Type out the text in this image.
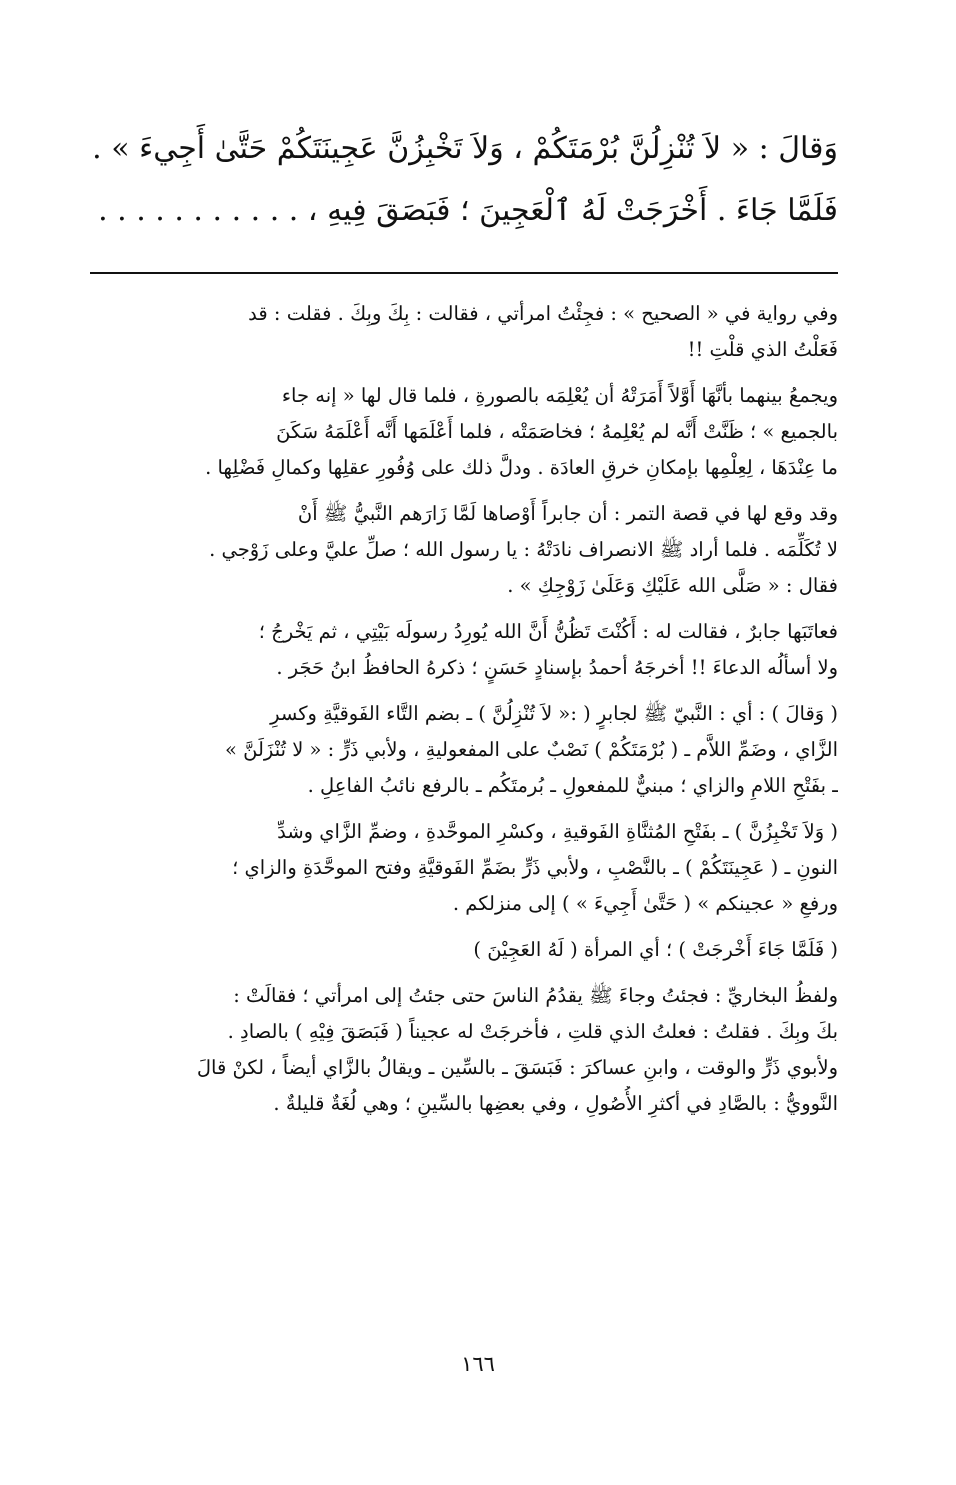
وَقالَ : « لاَ تُنْزِلُنَّ بُرْمَتَكُمْ ، وَلاَ تَخْبِزُنَّ عَجِينَتَكُمْ حَتَّىٰ أَجِيءَ » .
فَلَمَّا جَاءَ . أَخْرَجَتْ لَهُ ٱلْعَجِينَ ؛ فَبَصَقَ فِيهِ ، . . . . . . . . . . .
وفي رواية في « الصحيح » : فجِئْتُ امرأتي ، فقالت : بِكَ وبِكَ . فقلت : قد
فَعَلْتُ الذي قلْتِ !!
ويجمعُ بينهما بأنَّهَا أَوَّلاً أَمَرَتْهُ أن يُعْلِمَه بالصورةِ ، فلما قال لها « إنه جاء
بالجميع » ؛ ظَنَّتْ أَنَّه لم يُعْلِمهُ ؛ فخاصَمَتْه ، فلما أَعْلَمَها أَنَّه أَعْلَمَهُ سَكَنَ
ما عِنْدَهَا ، لِعِلْمِها بإمكانِ خرقِ العادَة . ودلَّ ذلك على وُفُورِ عقلِها وكمالِ فَضْلِها .
وقد وقع لها في قصة التمر : أن جابراً أَوْصاها لَمَّا زَارَهم النَّبيُّ ﷺ أَنْ
لا تُكَلِّمَه . فلما أراد ﷺ الانصراف نادَتْهُ : يا رسول الله ؛ صلِّ عليَّ وعلى زَوْجي .
فقال : « صَلَّى الله عَلَيْكِ وَعَلَىٰ زَوْجِكِ » .
فعاتَبَها جابرٌ ، فقالت له : أَكُنْتَ تَظُنُّ أَنَّ الله يُورِدُ رسولَه بَيْتِي ، ثم يَخْرجُ ؛
ولا أسألُه الدعاءَ !! أخرجَهُ أحمدُ بإسنادٍ حَسَنٍ ؛ ذكرهُ الحافظُ ابنُ حَجَر .
( وَقالَ ) : أي : النَّبيّ ﷺ لجابرٍ ( :« لاَ تُنْزِلُنَّ ) ـ بضم التَّاء الفَوقيَّةِ وكسرِ
الزَّاي ، وضَمِّ اللاَّم ـ ( بُرْمَتَكُمْ ) نَصْبٌ على المفعوليةِ ، ولأبي ذَرٍّ : « لا تُنْزَلَنَّ »
ـ بفَتْحِ اللامِ والزاي ؛ مبنيٌّ للمفعولِ ـ بُرمتَكُم ـ بالرفع نائبُ الفاعِلِ .
( وَلاَ تَخْبِزُنَّ ) ـ بفَتْحِ المُثنَّاةِ الفَوقيةِ ، وكسْرِ الموحَّدةِ ، وضمِّ الزَّاي وشدِّ
النونِ ـ ( عَجِينَتَكُمْ ) ـ بالنَّصْبِ ، ولأبي ذَرٍّ بضَمِّ الفَوقيَّةِ وفتح الموحَّدَةِ والزاي ؛
ورفعِ « عجينكم » ( حَتَّىٰ أَجِيءَ » ) إلى منزلكم .
( فَلَمَّا جَاءَ أَخْرجَتْ ) ؛ أي المرأة ( لَهُ العَجِيْنَ )
ولفظُ البخاريِّ : فجئتُ وجاءَ ﷺ يقدُمُ الناسَ حتى جئتُ إلى امرأتي ؛ فقالَتْ :
بكَ وبِكَ . فقلتُ : فعلتُ الذي قلتِ ، فأخرجَتْ له عجيناً ( فَبَصَقَ فِيْهِ ) بالصادِ .
ولأبوي ذَرٍّ والوقت ، وابنِ عساكرَ : فَبَسَقَ ـ بالسِّين ـ ويقالُ بالزَّاي أيضاً ، لكنْ قالَ
النَّوويُّ : بالصَّادِ في أكثرِ الأُصُولِ ، وفي بعضِها بالسِّينِ ؛ وهي لُغَةٌ قليلةٌ .
١٦٦
